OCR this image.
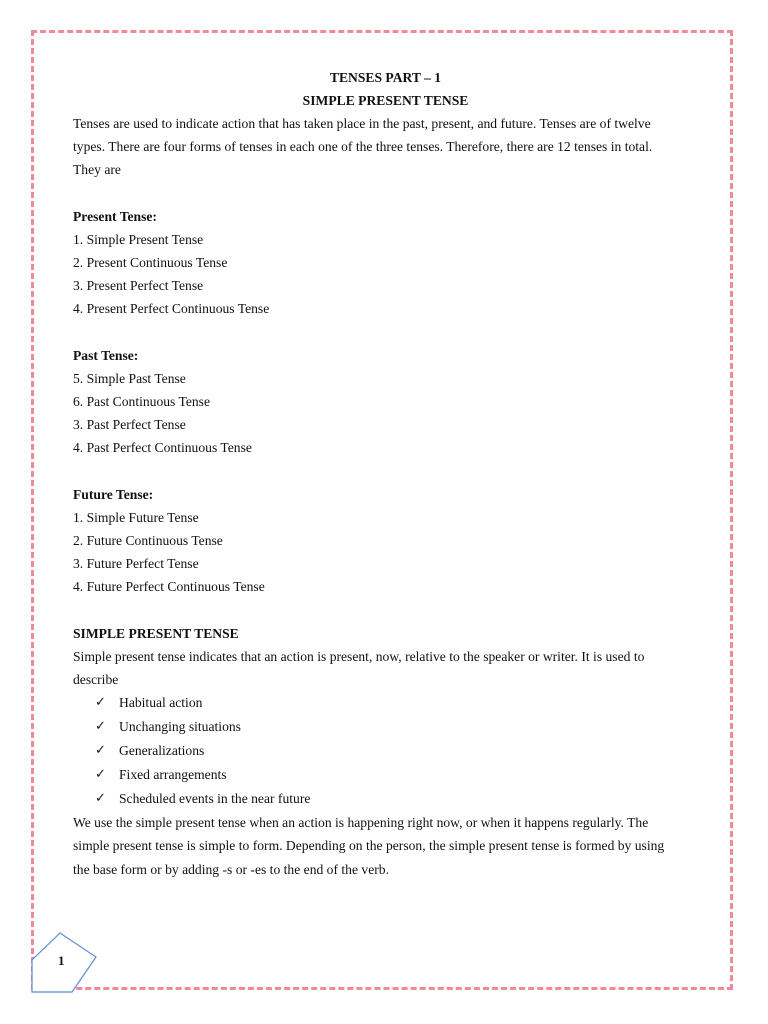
TENSES PART – 1

SIMPLE PRESENT TENSE

Tenses are used to indicate action that has taken place in the past, present, and future. Tenses are of twelve

types. There are four forms of tenses in each one of the three tenses. Therefore, there are 12 tenses in total.

They are

Present Tense:

1. Simple Present Tense

2. Present Continuous Tense

3. Present Perfect Tense

4. Present Perfect Continuous Tense

Past Tense:

5. Simple Past Tense

6. Past Continuous Tense

3. Past Perfect Tense

4. Past Perfect Continuous Tense

Future Tense:

1. Simple Future Tense

2. Future Continuous Tense

3. Future Perfect Tense

4. Future Perfect Continuous Tense

SIMPLE PRESENT TENSE

Simple present tense indicates that an action is present, now, relative to the speaker or writer. It is used to

describe

✓ Habitual action
✓ Unchanging situations
✓ Generalizations
✓ Fixed arrangements
✓ Scheduled events in the near future

We use the simple present tense when an action is happening right now, or when it happens regularly. The

simple present tense is simple to form. Depending on the person, the simple present tense is formed by using

the base form or by adding -s or -es to the end of the verb.

1
